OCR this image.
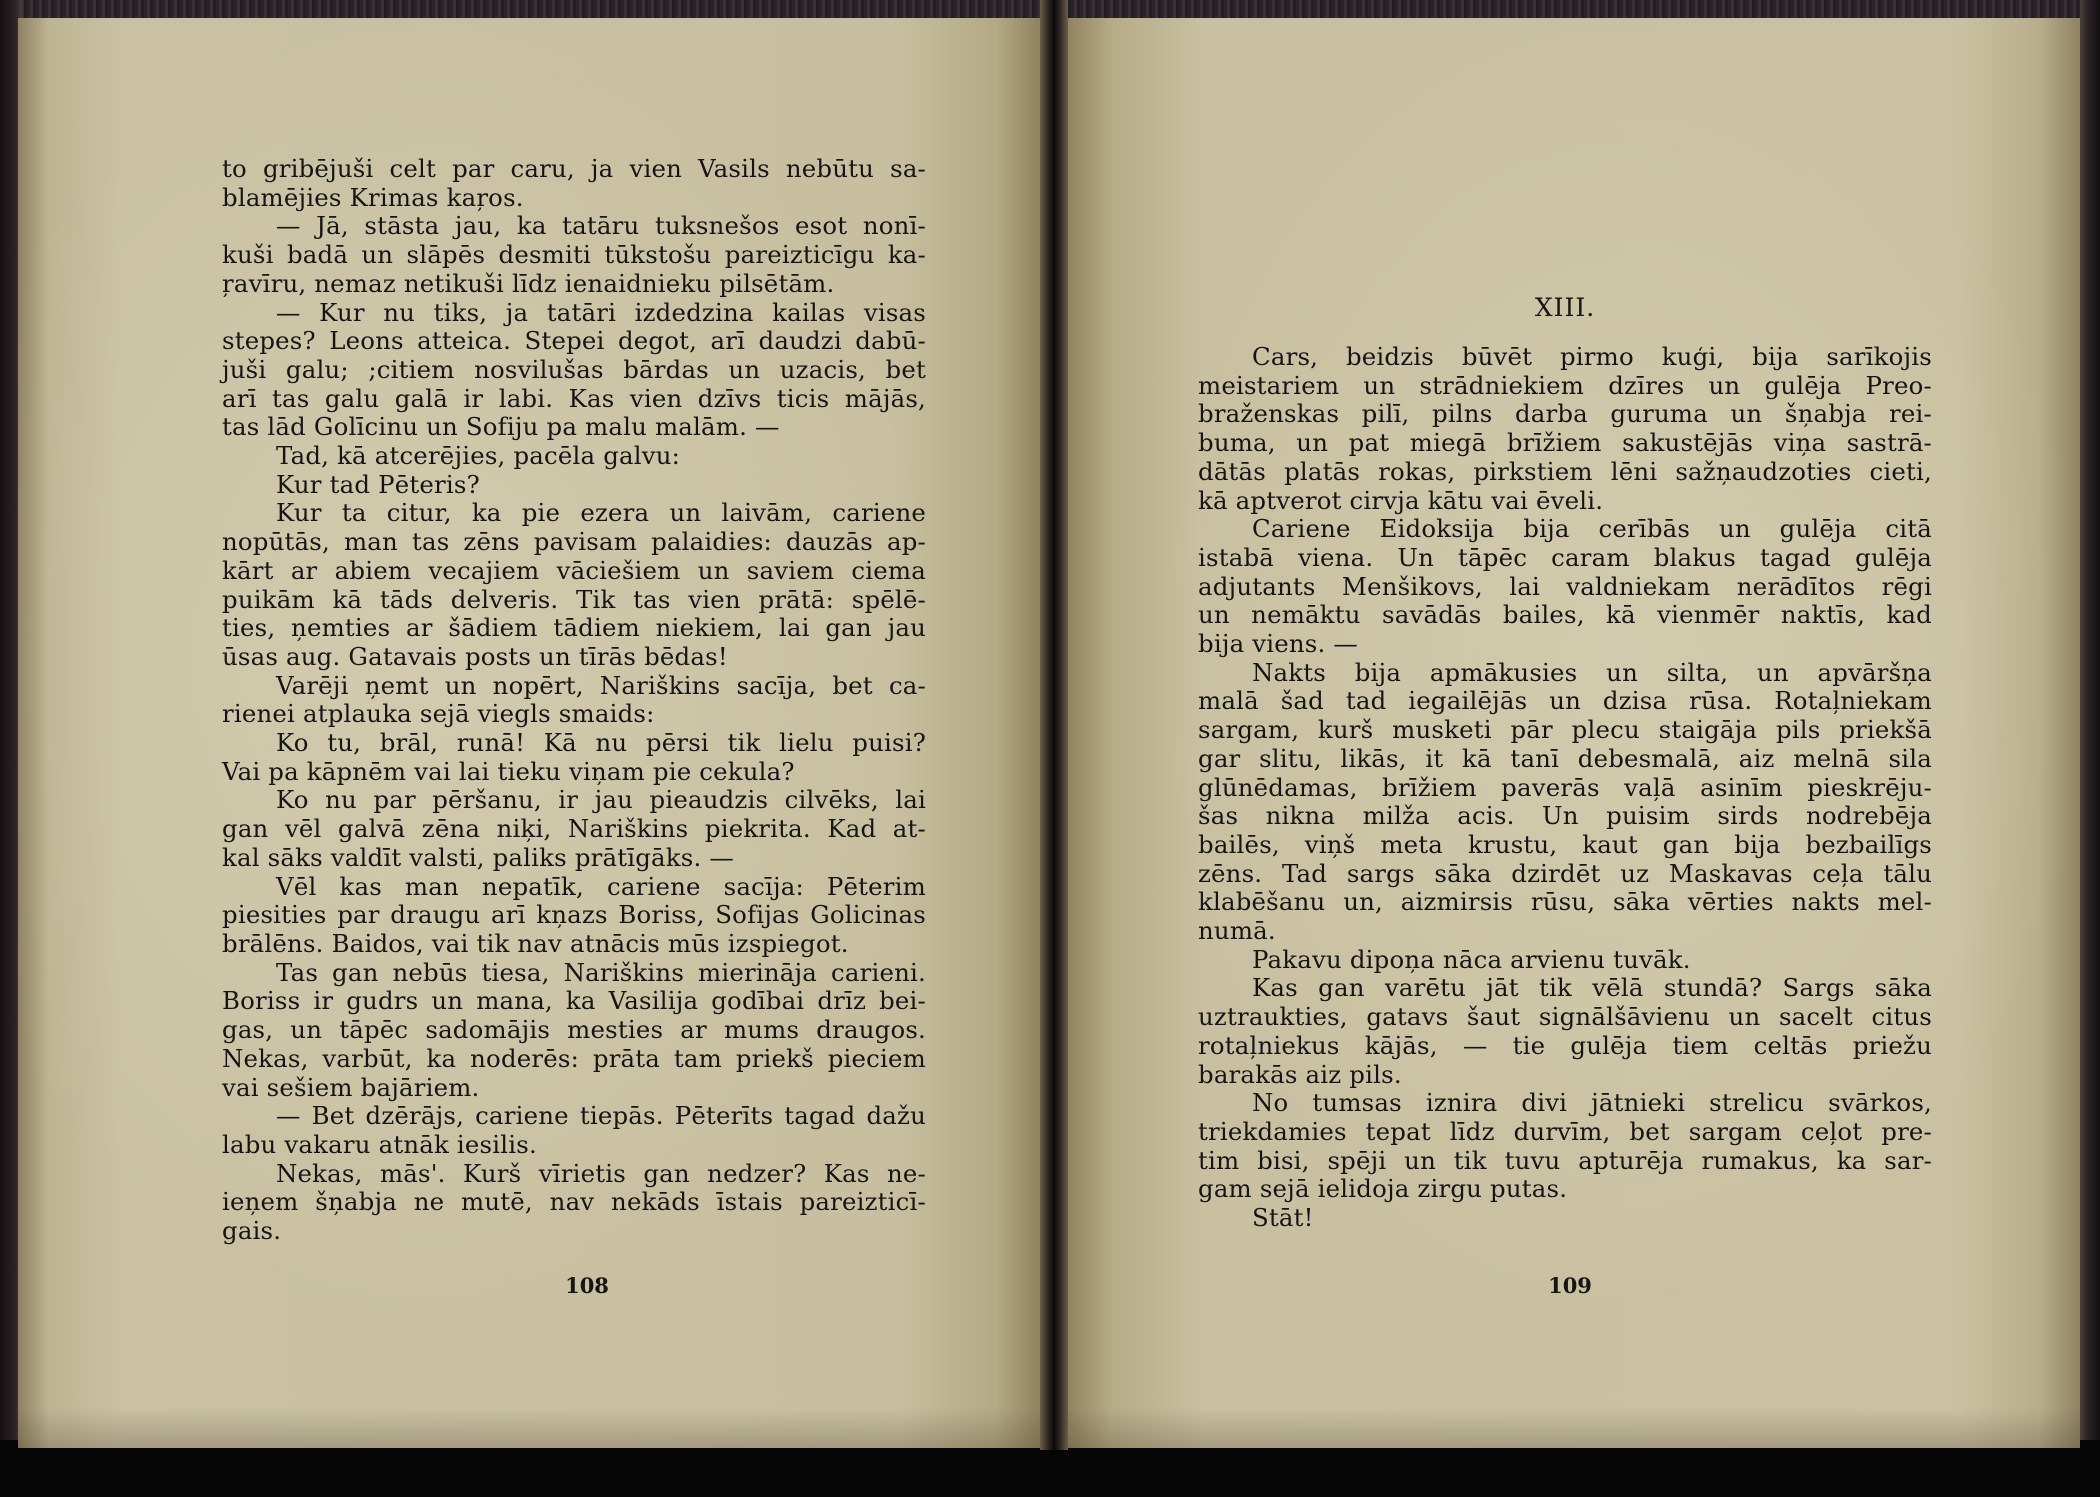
to gribējuši celt par caru, ja vien Vasils nebūtu sa-
blamējies Krimas kaŗos.
— Jā, stāsta jau, ka tatāru tuksnešos esot nonī-
kuši badā un slāpēs desmiti tūkstošu pareizticīgu ka-
ŗavīru, nemaz netikuši līdz ienaidnieku pilsētām.
— Kur nu tiks, ja tatāri izdedzina kailas visas
stepes? Leons atteica. Stepei degot, arī daudzi dabū-
juši galu; ;citiem nosvilušas bārdas un uzacis, bet
arī tas galu galā ir labi. Kas vien dzīvs ticis mājās,
tas lād Golīcinu un Sofiju pa malu malām. —
Tad, kā atcerējies, pacēla galvu:
Kur tad Pēteris?
Kur ta citur, ka pie ezera un laivām, cariene
nopūtās, man tas zēns pavisam palaidies: dauzās ap-
kārt ar abiem vecajiem vāciešiem un saviem ciema
puikām kā tāds delveris. Tik tas vien prātā: spēlē-
ties, ņemties ar šādiem tādiem niekiem, lai gan jau
ūsas aug. Gatavais posts un tīrās bēdas!
Varēji ņemt un nopērt, Nariškins sacīja, bet ca-
rienei atplauka sejā viegls smaids:
Ko tu, brāl, runā! Kā nu pērsi tik lielu puisi?
Vai pa kāpnēm vai lai tieku viņam pie cekula?
Ko nu par pēršanu, ir jau pieaudzis cilvēks, lai
gan vēl galvā zēna niķi, Nariškins piekrita. Kad at-
kal sāks valdīt valsti, paliks prātīgāks. —
Vēl kas man nepatīk, cariene sacīja: Pēterim
piesities par draugu arī kņazs Boriss, Sofijas Golicinas
brālēns. Baidos, vai tik nav atnācis mūs izspiegot.
Tas gan nebūs tiesa, Nariškins mierināja carieni.
Boriss ir gudrs un mana, ka Vasilija godībai drīz bei-
gas, un tāpēc sadomājis mesties ar mums draugos.
Nekas, varbūt, ka noderēs: prāta tam priekš pieciem
vai sešiem bajāriem.
— Bet dzērājs, cariene tiepās. Pēterīts tagad dažu
labu vakaru atnāk iesilis.
Nekas, mās'. Kurš vīrietis gan nedzer? Kas ne-
ieņem šņabja ne mutē, nav nekāds īstais pareizticī-
gais.
108
XIII.
Cars, beidzis būvēt pirmo kuģi, bija sarīkojis
meistariem un strādniekiem dzīres un gulēja Preo-
braženskas pilī, pilns darba guruma un šņabja rei-
buma, un pat miegā brīžiem sakustējās viņa sastrā-
dātās platās rokas, pirkstiem lēni sažņaudzoties cieti,
kā aptverot cirvja kātu vai ēveli.
Cariene Eidoksija bija cerībās un gulēja citā
istabā viena. Un tāpēc caram blakus tagad gulēja
adjutants Menšikovs, lai valdniekam nerādītos rēgi
un nemāktu savādās bailes, kā vienmēr naktīs, kad
bija viens. —
Nakts bija apmākusies un silta, un apvāršņa
malā šad tad iegailējās un dzisa rūsa. Rotaļniekam
sargam, kurš musketi pār plecu staigāja pils priekšā
gar slitu, likās, it kā tanī debesmalā, aiz melnā sila
glūnēdamas, brīžiem paverās vaļā asinīm pieskrēju-
šas nikna milža acis. Un puisim sirds nodrebēja
bailēs, viņš meta krustu, kaut gan bija bezbailīgs
zēns. Tad sargs sāka dzirdēt uz Maskavas ceļa tālu
klabēšanu un, aizmirsis rūsu, sāka vērties nakts mel-
numā.
Pakavu dipoņa nāca arvienu tuvāk.
Kas gan varētu jāt tik vēlā stundā? Sargs sāka
uztraukties, gatavs šaut signālšāvienu un sacelt citus
rotaļniekus kājās, — tie gulēja tiem celtās priežu
barakās aiz pils.
No tumsas iznira divi jātnieki strelicu svārkos,
triekdamies tepat līdz durvīm, bet sargam ceļot pre-
tim bisi, spēji un tik tuvu apturēja rumakus, ka sar-
gam sejā ielidoja zirgu putas.
Stāt!
109
